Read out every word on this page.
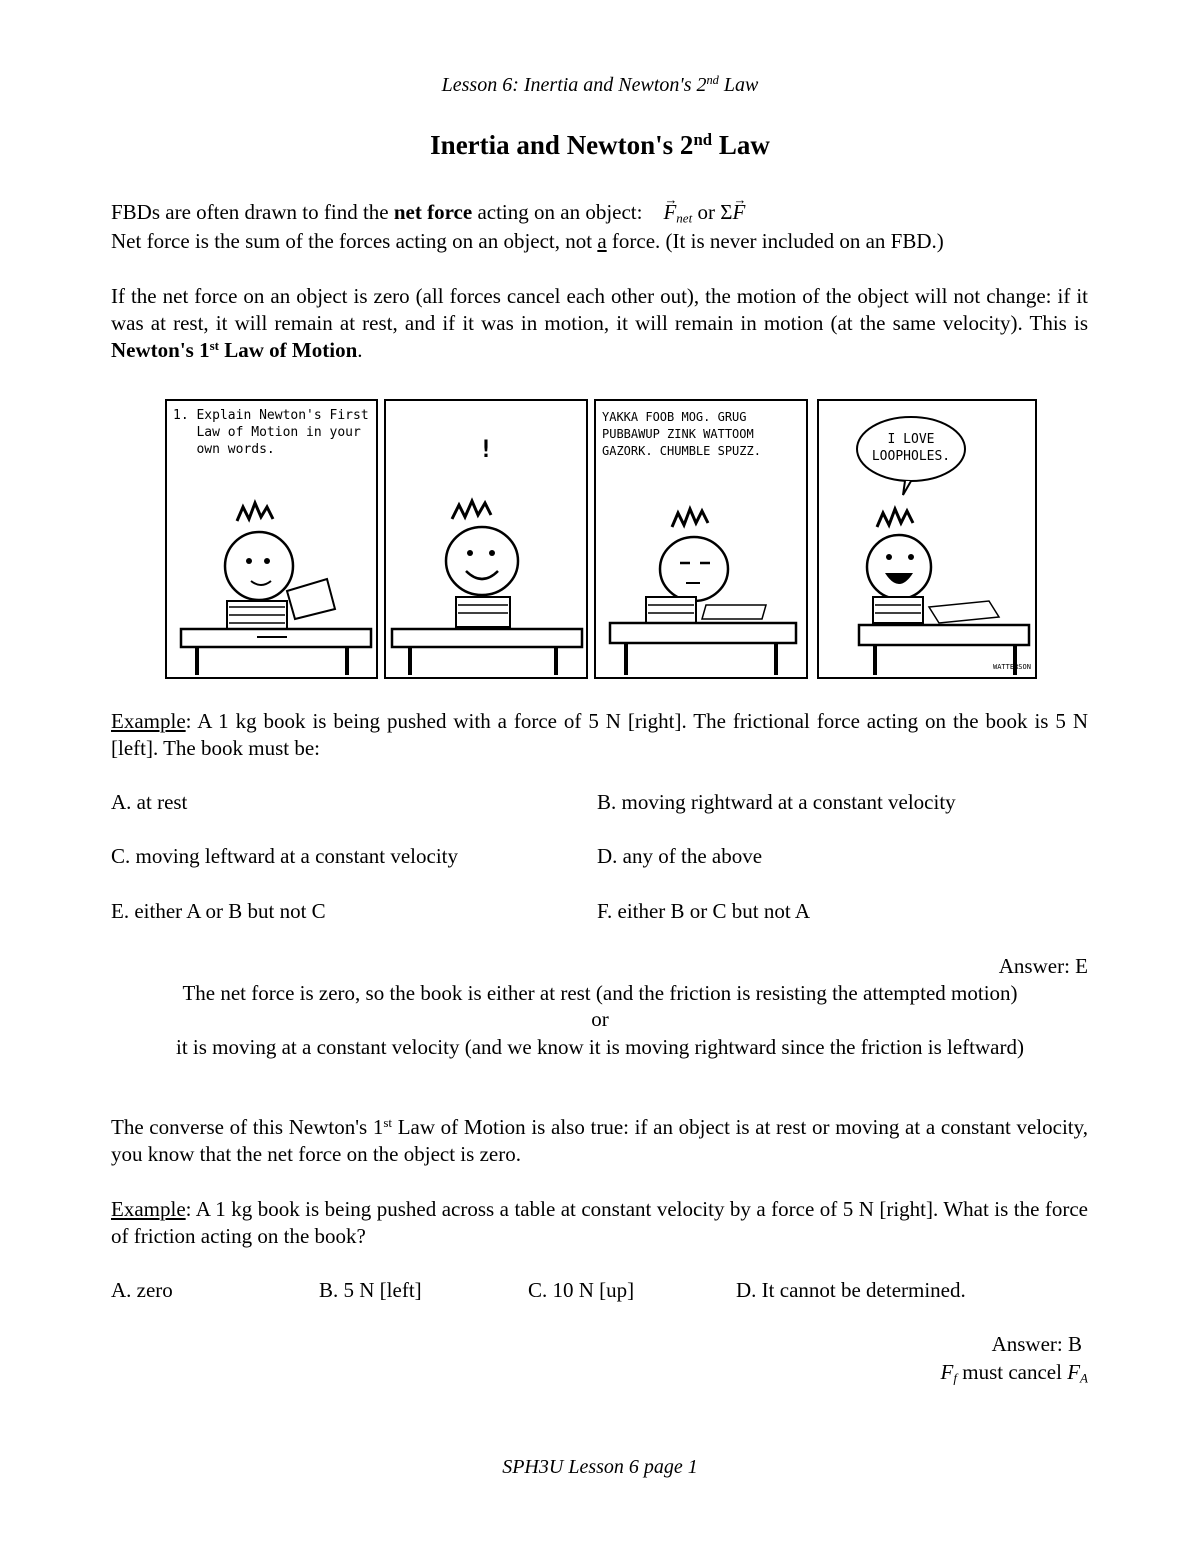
Lesson 6: Inertia and Newton's 2nd Law
Inertia and Newton's 2nd Law
FBDs are often drawn to find the net force acting on an object:    → $F_{net}$ or Σ→ F
Net force is the sum of the forces acting on an object, not a force. (It is never included on an FBD.)
If the net force on an object is zero (all forces cancel each other out), the motion of the object will not change: if it was at rest, it will remain at rest, and if it was in motion, it will remain in motion (at the same velocity). This is Newton's 1st Law of Motion.
1. Explain Newton's First
Law of Motion in your
own words.	!
YAKKA FOOB MOG. GRUG
PUBBAWUP ZINK WATTOOM
GAZORK. CHUMBLE SPUZZ.
I LOVE
LOOPHOLES.
WATTERSON
Example: A 1 kg book is being pushed with a force of 5 N [right]. The frictional force acting on the book is 5 N [left]. The book must be:
A. at rest	B. moving rightward at a constant velocity
C. moving leftward at a constant velocity	D. any of the above
E. either A or B but not C	F. either B or C but not A
Answer: E
The net force is zero, so the book is either at rest (and the friction is resisting the attempted motion)
or
it is moving at a constant velocity (and we know it is moving rightward since the friction is leftward)
The converse of this Newton's 1st Law of Motion is also true: if an object is at rest or moving at a constant velocity, you know that the net force on the object is zero.
Example: A 1 kg book is being pushed across a table at constant velocity by a force of 5 N [right]. What is the force of friction acting on the book?
A. zero	B. 5 N [left]	C. 10 N [up]	D. It cannot be determined.
Answer: B
$F_f$ must cancel $F_A$
SPH3U Lesson 6 page 1
